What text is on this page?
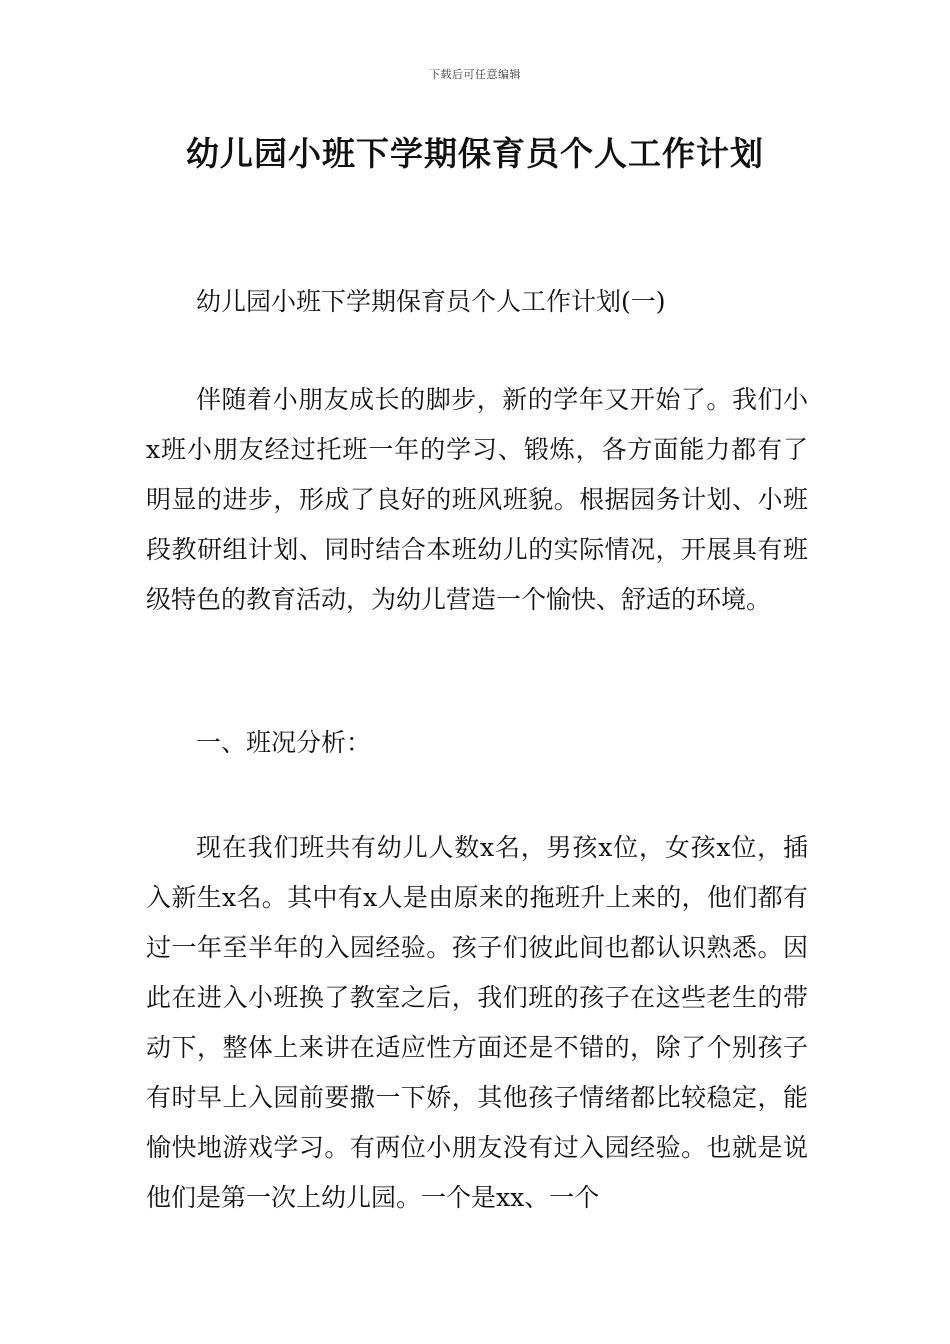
下载后可任意编辑
幼儿园小班下学期保育员个人工作计划

幼儿园小班下学期保育员个人工作计划(一)

伴随着小朋友成长的脚步，新的学年又开始了。我们小x班小朋友经过托班一年的学习、锻炼，各方面能力都有了明显的进步，形成了良好的班风班貌。根据园务计划、小班段教研组计划、同时结合本班幼儿的实际情况，开展具有班级特色的教育活动，为幼儿营造一个愉快、舒适的环境。

一、班况分析：

现在我们班共有幼儿人数x名，男孩x位，女孩x位，插入新生x名。其中有x人是由原来的拖班升上来的，他们都有过一年至半年的入园经验。孩子们彼此间也都认识熟悉。因此在进入小班换了教室之后，我们班的孩子在这些老生的带动下，整体上来讲在适应性方面还是不错的，除了个别孩子有时早上入园前要撒一下娇，其他孩子情绪都比较稳定，能愉快地游戏学习。有两位小朋友没有过入园经验。也就是说他们是第一次上幼儿园。一个是xx、一个
